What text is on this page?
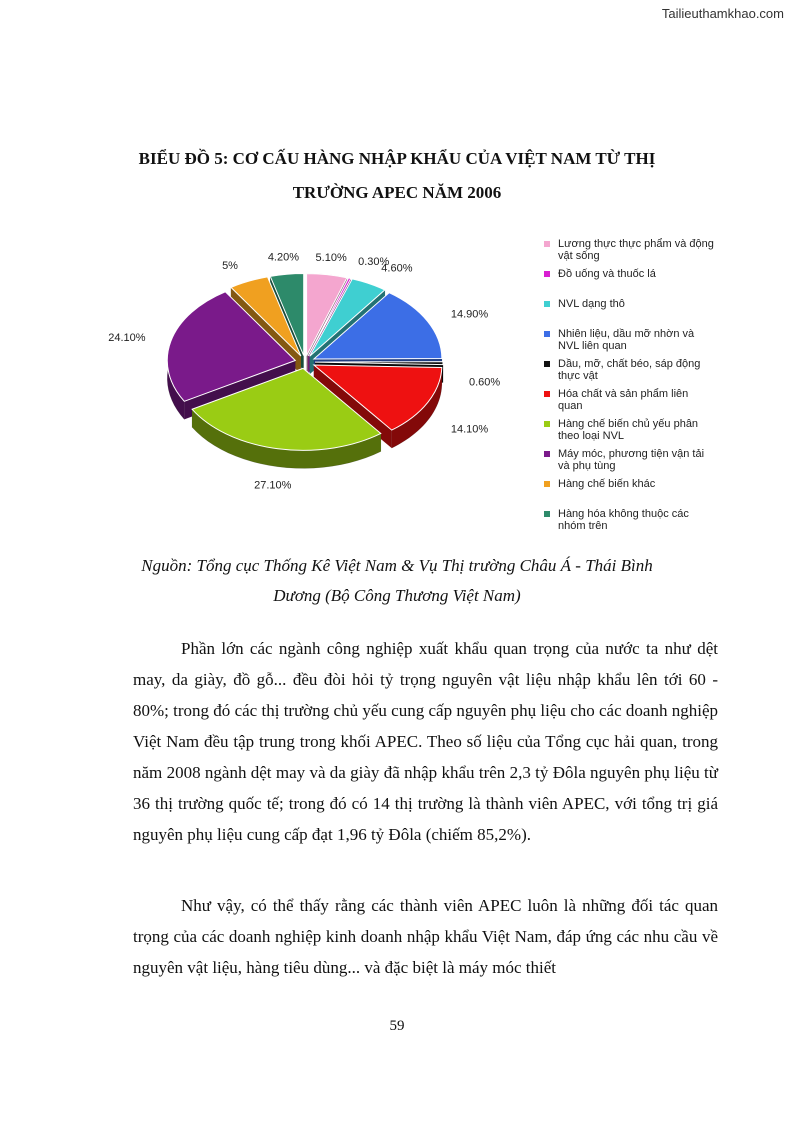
Tailieuthamkhao.com
BIỂU ĐỒ 5: CƠ CẤU HÀNG NHẬP KHẨU CỦA VIỆT NAM TỪ THỊ
TRƯỜNG APEC NĂM 2006
5.10% 0.30%
4.60%
14.90%
0.60%
14.10%
27.10%
24.10%
5%
4.20%
Lương thực thực phẩm và động vật sống
Đồ uống và thuốc lá
NVL dạng thô
Nhiên liệu, dầu mỡ nhờn và NVL liên quan
Dầu, mỡ, chất béo, sáp động thực vật
Hóa chất và sản phẩm liên quan
Hàng chế biến chủ yếu phân theo loại NVL
Máy móc, phương tiện vận tải và phụ tùng
Hàng chế biến khác
Hàng hóa không thuộc các nhóm trên
Nguồn: Tổng cục Thống Kê Việt Nam & Vụ Thị trường Châu Á - Thái Bình
Dương (Bộ Công Thương Việt Nam)

Phần lớn các ngành công nghiệp xuất khẩu quan trọng của nước ta như dệt may, da giày, đồ gỗ... đều đòi hỏi tỷ trọng nguyên vật liệu nhập khẩu lên tới 60 - 80%; trong đó các thị trường chủ yếu cung cấp nguyên phụ liệu cho các doanh nghiệp Việt Nam đều tập trung trong khối APEC. Theo số liệu của Tổng cục hải quan, trong năm 2008 ngành dệt may và da giày đã nhập khẩu trên 2,3 tỷ Đôla nguyên phụ liệu từ 36 thị trường quốc tế; trong đó có 14 thị trường là thành viên APEC, với tổng trị giá nguyên phụ liệu cung cấp đạt 1,96 tỷ Đôla (chiếm 85,2%).

Như vậy, có thể thấy rằng các thành viên APEC luôn là những đối tác quan trọng của các doanh nghiệp kinh doanh nhập khẩu Việt Nam, đáp ứng các nhu cầu về nguyên vật liệu, hàng tiêu dùng... và đặc biệt là máy móc thiết

59
